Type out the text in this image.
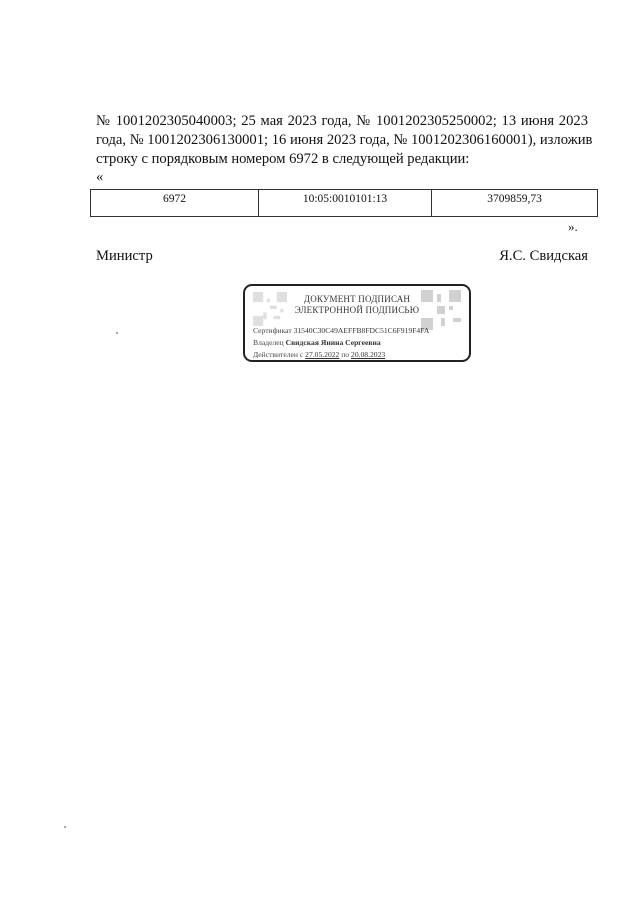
№ 1001202305040003; 25 мая 2023 года, № 1001202305250002; 13 июня 2023
года, № 1001202306130001; 16 июня 2023 года, № 1001202306160001), изложив
строку с порядковым номером 6972 в следующей редакции:
«
6972	10:05:0010101:13	3709859,73
».
Министр	Я.С. Свидская
ДОКУМЕНТ ПОДПИСАН
ЭЛЕКТРОННОЙ ПОДПИСЬЮ
Сертификат 31540C30C49AEFFB8FDC51C6F919F4FA
Владелец Свидская Янина Сергеевна
Действителен с 27.05.2022 по 20.08.2023
